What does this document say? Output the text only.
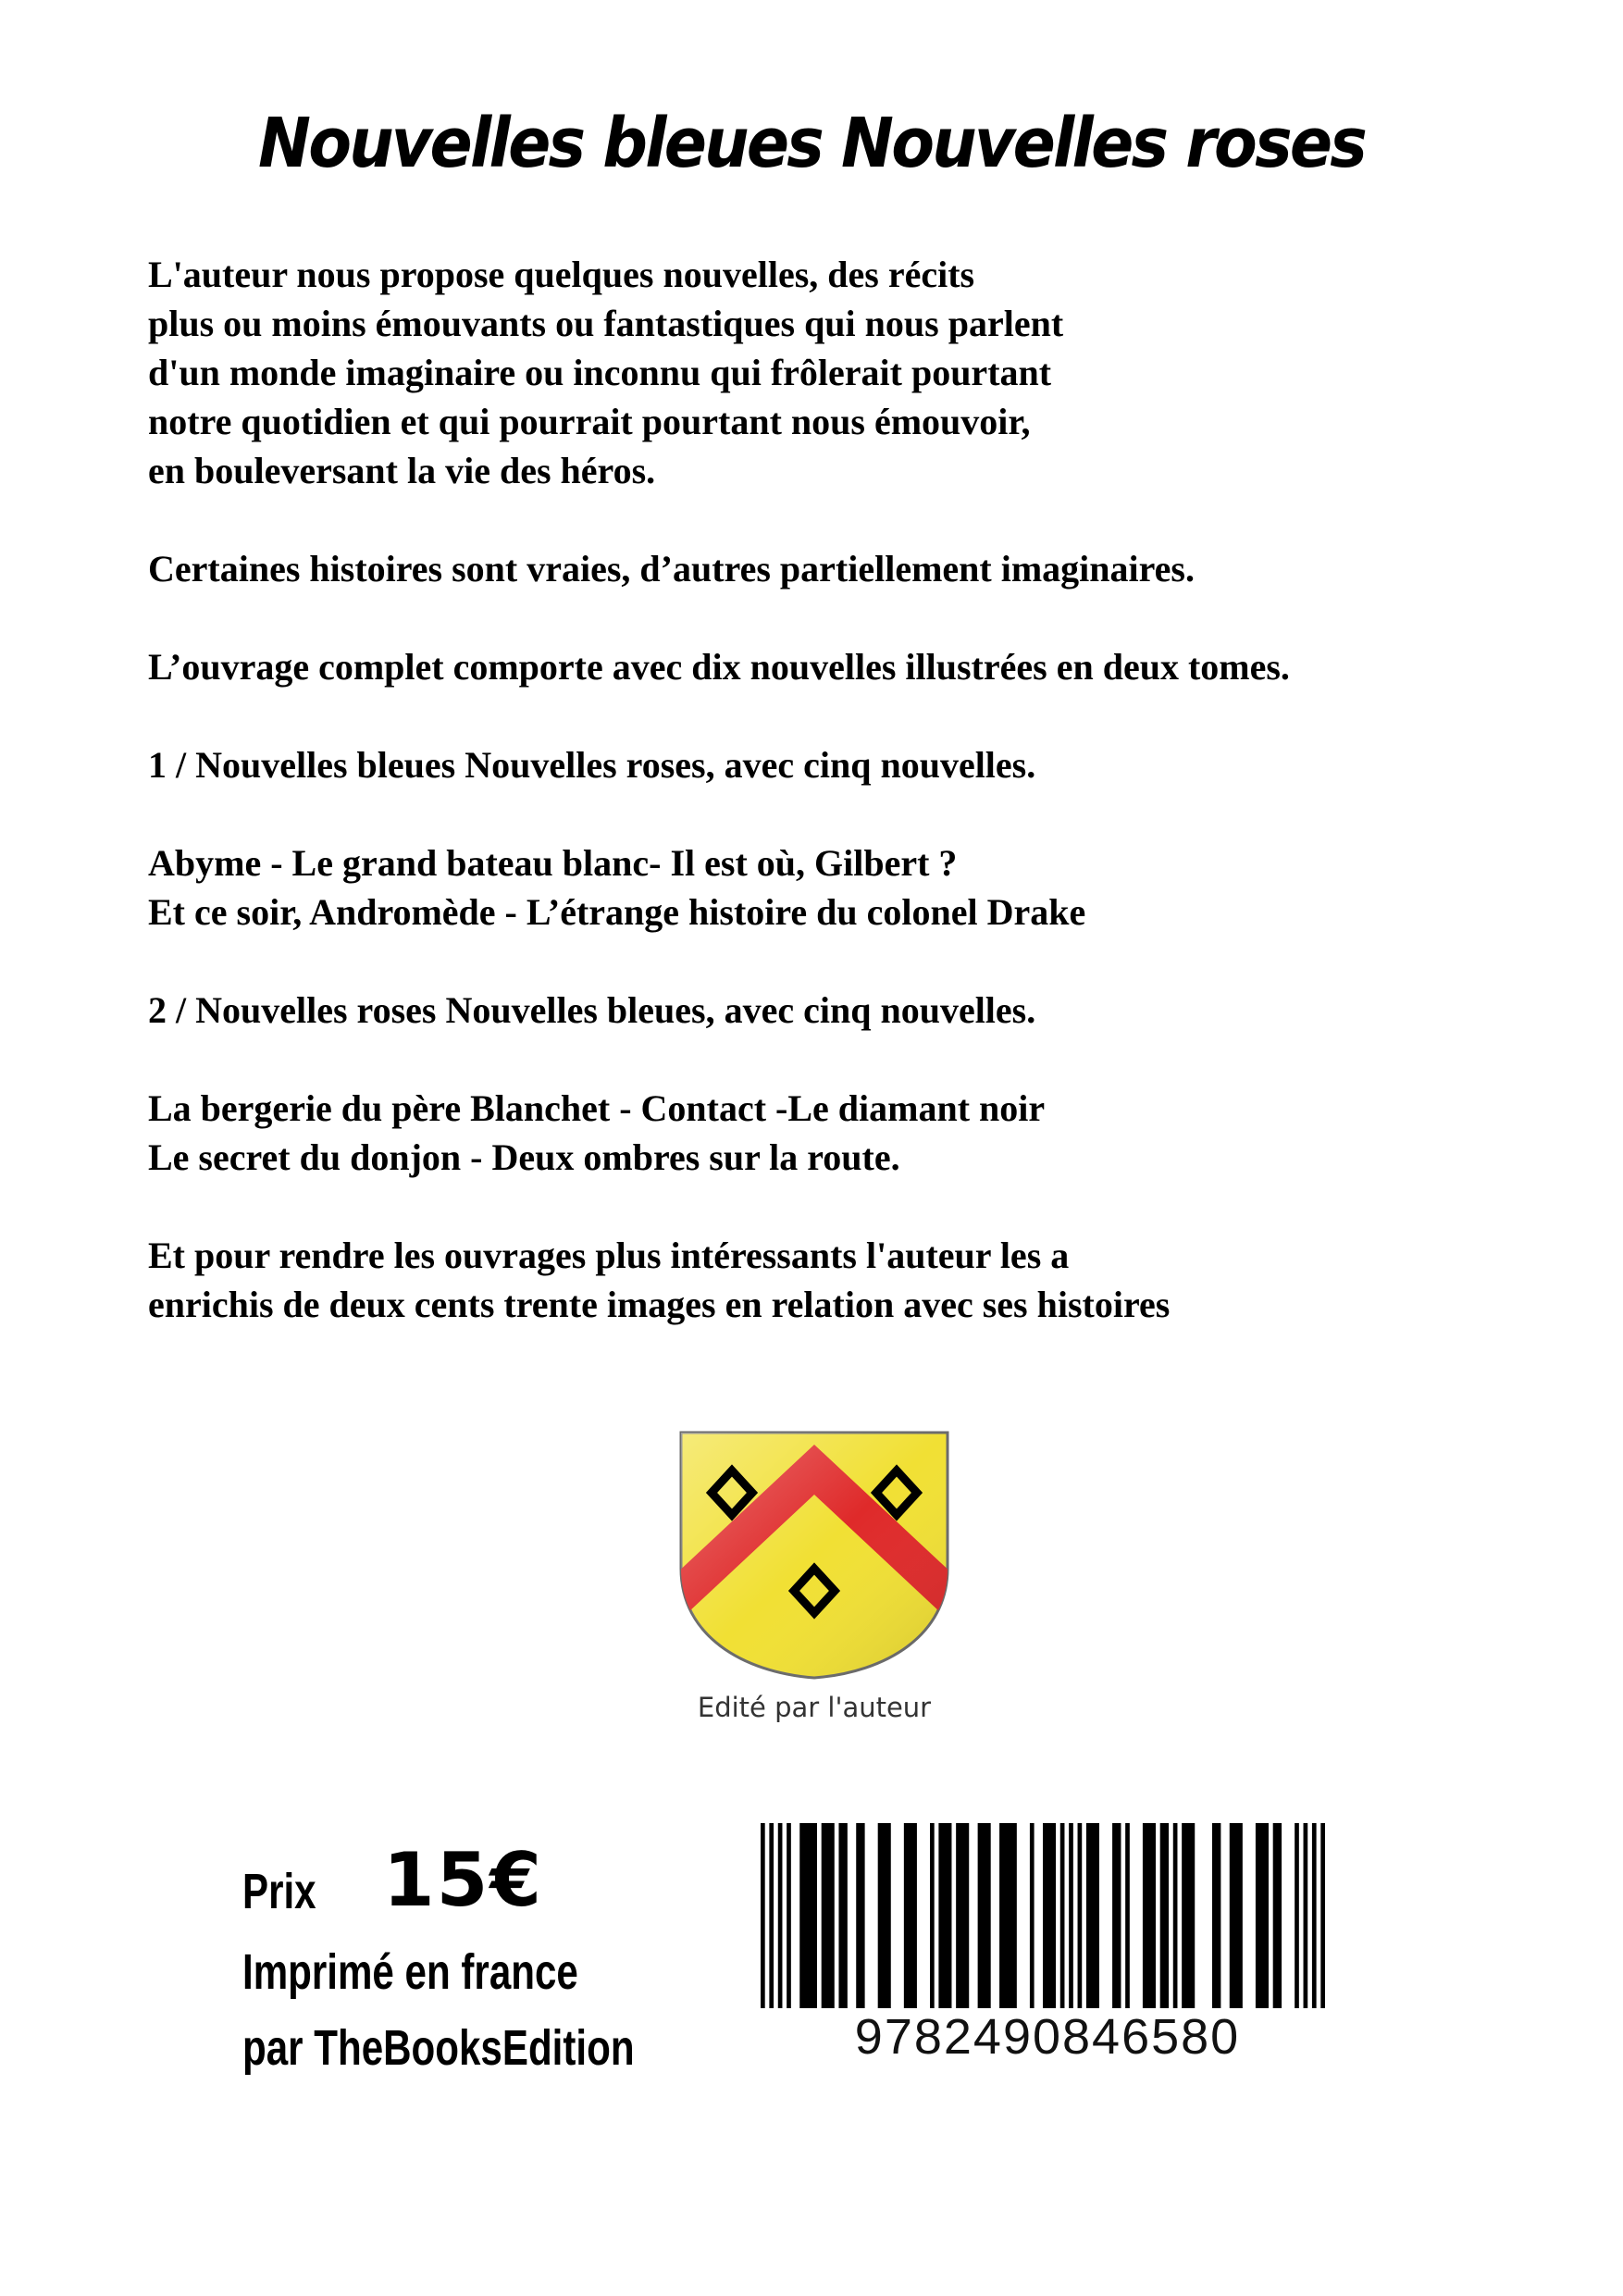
Nouvelles bleues Nouvelles roses

L'auteur nous propose quelques nouvelles, des récits
plus ou moins émouvants ou fantastiques qui nous parlent
d'un monde imaginaire ou inconnu qui frôlerait pourtant
notre quotidien et qui pourrait pourtant nous émouvoir,
en bouleversant la vie des héros.

Certaines histoires sont vraies, d’autres partiellement imaginaires.

L’ouvrage complet comporte avec dix nouvelles illustrées en deux tomes.

1 / Nouvelles bleues Nouvelles roses, avec cinq nouvelles.

Abyme - Le grand bateau blanc- Il est où, Gilbert ?
Et ce soir, Andromède - L’étrange histoire du colonel Drake

2 / Nouvelles roses Nouvelles bleues, avec cinq nouvelles.

La bergerie du père Blanchet - Contact -Le diamant noir
Le secret du donjon - Deux ombres sur la route.

Et pour rendre les ouvrages plus intéressants l'auteur les a
enrichis de deux cents trente images en relation avec ses histoires

Edité par l'auteur
Prix 15€
Imprimé en france
par TheBooksEdition	9782490846580
